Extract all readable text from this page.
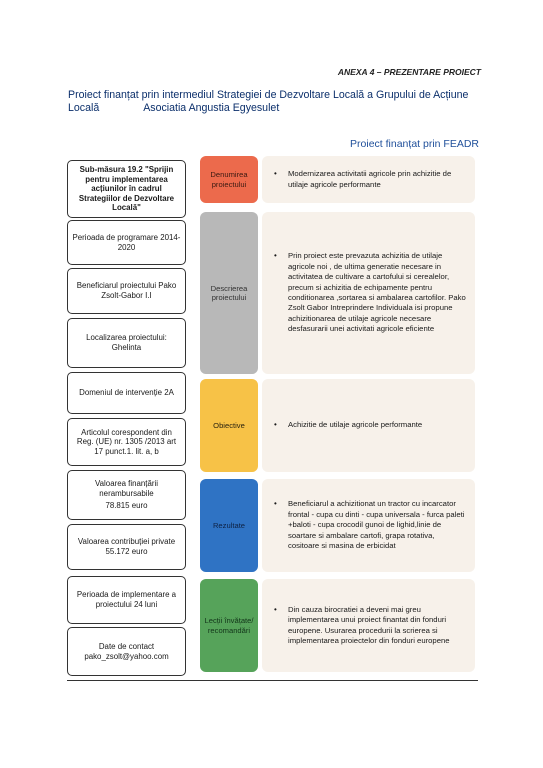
ANEXA 4 – PREZENTARE PROIECT
Proiect finanțat prin intermediul Strategiei de Dezvoltare Locală a Grupului de Acțiune
Locală	Asociatia Angustia Egyesulet
Proiect finanțat prin FEADR
Sub-măsura 19.2 "Sprijin pentru implementarea acțiunilor în cadrul Strategiilor de Dezvoltare Locală"
Perioada de programare 2014-2020
Beneficiarul proiectului Pako Zsolt-Gabor I.I
Localizarea proiectului: Ghelinta
Domeniul de intervenție 2A
Articolul corespondent din Reg. (UE) nr. 1305 /2013 art 17 punct.1. lit. a, b
Valoarea finanțării nerambursabile
78.815 euro
Valoarea contribuției private 55.172 euro
Perioada de implementare a proiectului 24 luni
Date de contact pako_zsolt@yahoo.com
Denumirea proiectului
Descrierea proiectului
Obiective
Rezultate
Lecții învățate/ recomandări
•	Modernizarea activitatii agricole prin achizitie de utilaje agricole performante
•	Prin proiect este prevazuta achizitia de utilaje agricole noi , de ultima generatie necesare in activitatea de cultivare a cartofului si cerealelor, precum si achizitia de echipamente pentru conditionarea ,sortarea si ambalarea cartofilor. Pako Zsolt Gabor Intreprindere Individuala isi propune achizitionarea de utilaje agricole necesare desfasurarii unei activitati agricole eficiente
•	Achizitie de utilaje agricole performante
•	Beneficiarul a achizitionat un tractor cu incarcator frontal - cupa cu dinti - cupa universala - furca paleti +baloti - cupa crocodil gunoi de lighid,linie de soartare si ambalare cartofi, grapa rotativa, cositoare si masina de erbicidat
•	Din cauza birocratiei a deveni mai greu implementarea unui proiect finantat din fonduri europene. Usurarea procedurii la scrierea si implementarea proiectelor din fonduri europene
